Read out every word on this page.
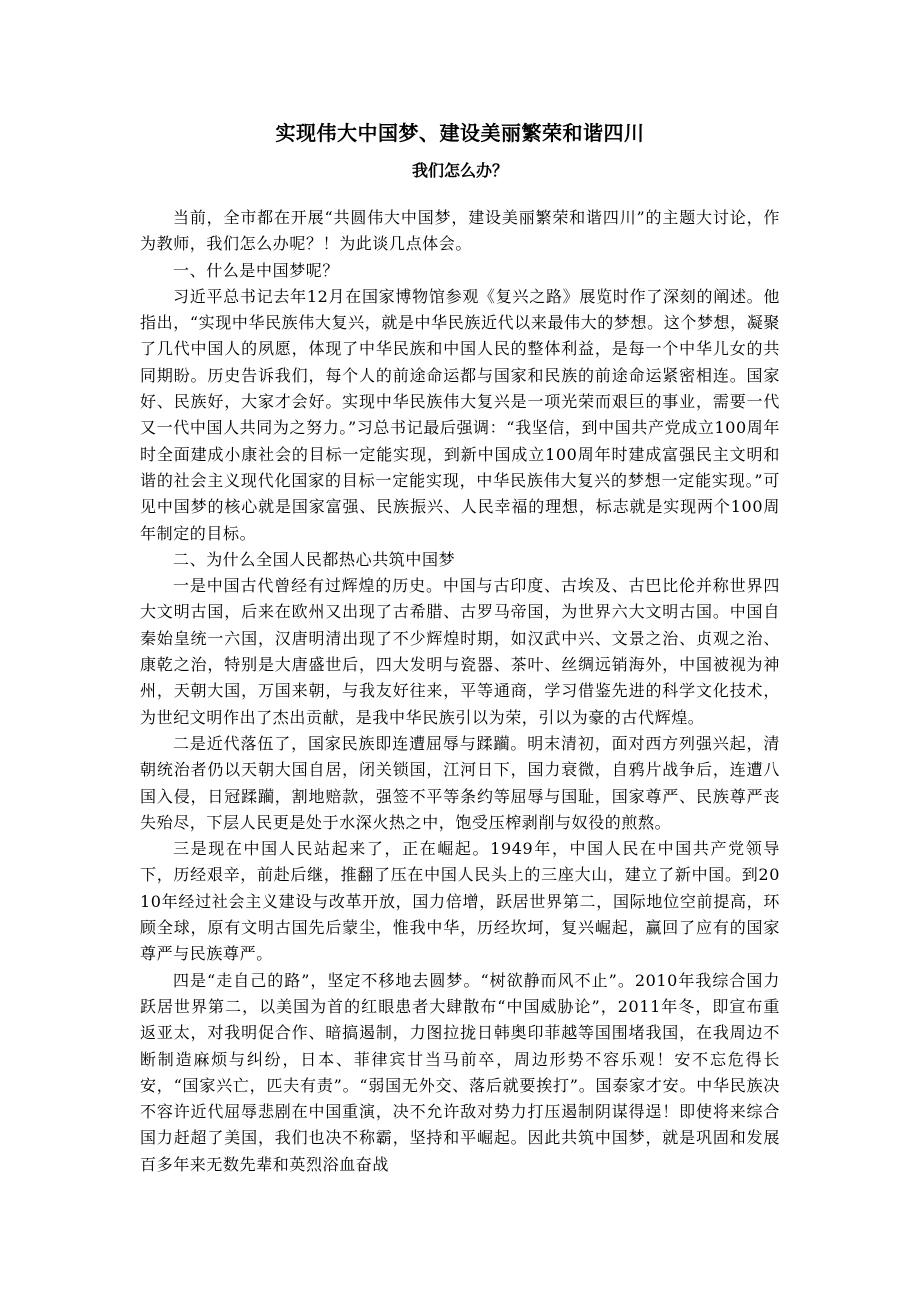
实现伟大中国梦、建设美丽繁荣和谐四川
我们怎么办？

当前，全市都在开展“共圆伟大中国梦，建设美丽繁荣和谐四川”的主题大讨论，作为教师，我们怎么办呢？！为此谈几点体会。

一、什么是中国梦呢？

习近平总书记去年12月在国家博物馆参观《复兴之路》展览时作了深刻的阐述。他指出，“实现中华民族伟大复兴，就是中华民族近代以来最伟大的梦想。这个梦想，凝聚了几代中国人的夙愿，体现了中华民族和中国人民的整体利益，是每一个中华儿女的共同期盼。历史告诉我们，每个人的前途命运都与国家和民族的前途命运紧密相连。国家好、民族好，大家才会好。实现中华民族伟大复兴是一项光荣而艰巨的事业，需要一代又一代中国人共同为之努力。”习总书记最后强调：“我坚信，到中国共产党成立100周年时全面建成小康社会的目标一定能实现，到新中国成立100周年时建成富强民主文明和谐的社会主义现代化国家的目标一定能实现，中华民族伟大复兴的梦想一定能实现。”可见中国梦的核心就是国家富强、民族振兴、人民幸福的理想，标志就是实现两个100周年制定的目标。

二、为什么全国人民都热心共筑中国梦

一是中国古代曾经有过辉煌的历史。中国与古印度、古埃及、古巴比伦并称世界四大文明古国，后来在欧州又出现了古希腊、古罗马帝国，为世界六大文明古国。中国自秦始皇统一六国，汉唐明清出现了不少辉煌时期，如汉武中兴、文景之治、贞观之治、康乾之治，特别是大唐盛世后，四大发明与瓷器、茶叶、丝绸远销海外，中国被视为神州，天朝大国，万国来朝，与我友好往来，平等通商，学习借鉴先进的科学文化技术，为世纪文明作出了杰出贡献，是我中华民族引以为荣，引以为豪的古代辉煌。

二是近代落伍了，国家民族即连遭屈辱与蹂躏。明末清初，面对西方列强兴起，清朝统治者仍以天朝大国自居，闭关锁国，江河日下，国力衰微，自鸦片战争后，连遭八国入侵，日冠蹂躏，割地赔款，强签不平等条约等屈辱与国耻，国家尊严、民族尊严丧失殆尽，下层人民更是处于水深火热之中，饱受压榨剥削与奴役的煎熬。

三是现在中国人民站起来了，正在崛起。1949年，中国人民在中国共产党领导下，历经艰辛，前赴后继，推翻了压在中国人民头上的三座大山，建立了新中国。到2010年经过社会主义建设与改革开放，国力倍增，跃居世界第二，国际地位空前提高，环顾全球，原有文明古国先后蒙尘，惟我中华，历经坎坷，复兴崛起，赢回了应有的国家尊严与民族尊严。

四是“走自己的路”，坚定不移地去圆梦。“树欲静而风不止”。2010年我综合国力跃居世界第二，以美国为首的红眼患者大肆散布“中国威胁论”，2011年冬，即宣布重返亚太，对我明促合作、暗搞遏制，力图拉拢日韩奥印菲越等国围堵我国，在我周边不断制造麻烦与纠纷，日本、菲律宾甘当马前卒，周边形势不容乐观！安不忘危得长安，“国家兴亡，匹夫有责”。“弱国无外交、落后就要挨打”。国泰家才安。中华民族决不容许近代屈辱悲剧在中国重演，决不允许敌对势力打压遏制阴谋得逞！即使将来综合国力赶超了美国，我们也决不称霸，坚持和平崛起。因此共筑中国梦，就是巩固和发展百多年来无数先辈和英烈浴血奋战
